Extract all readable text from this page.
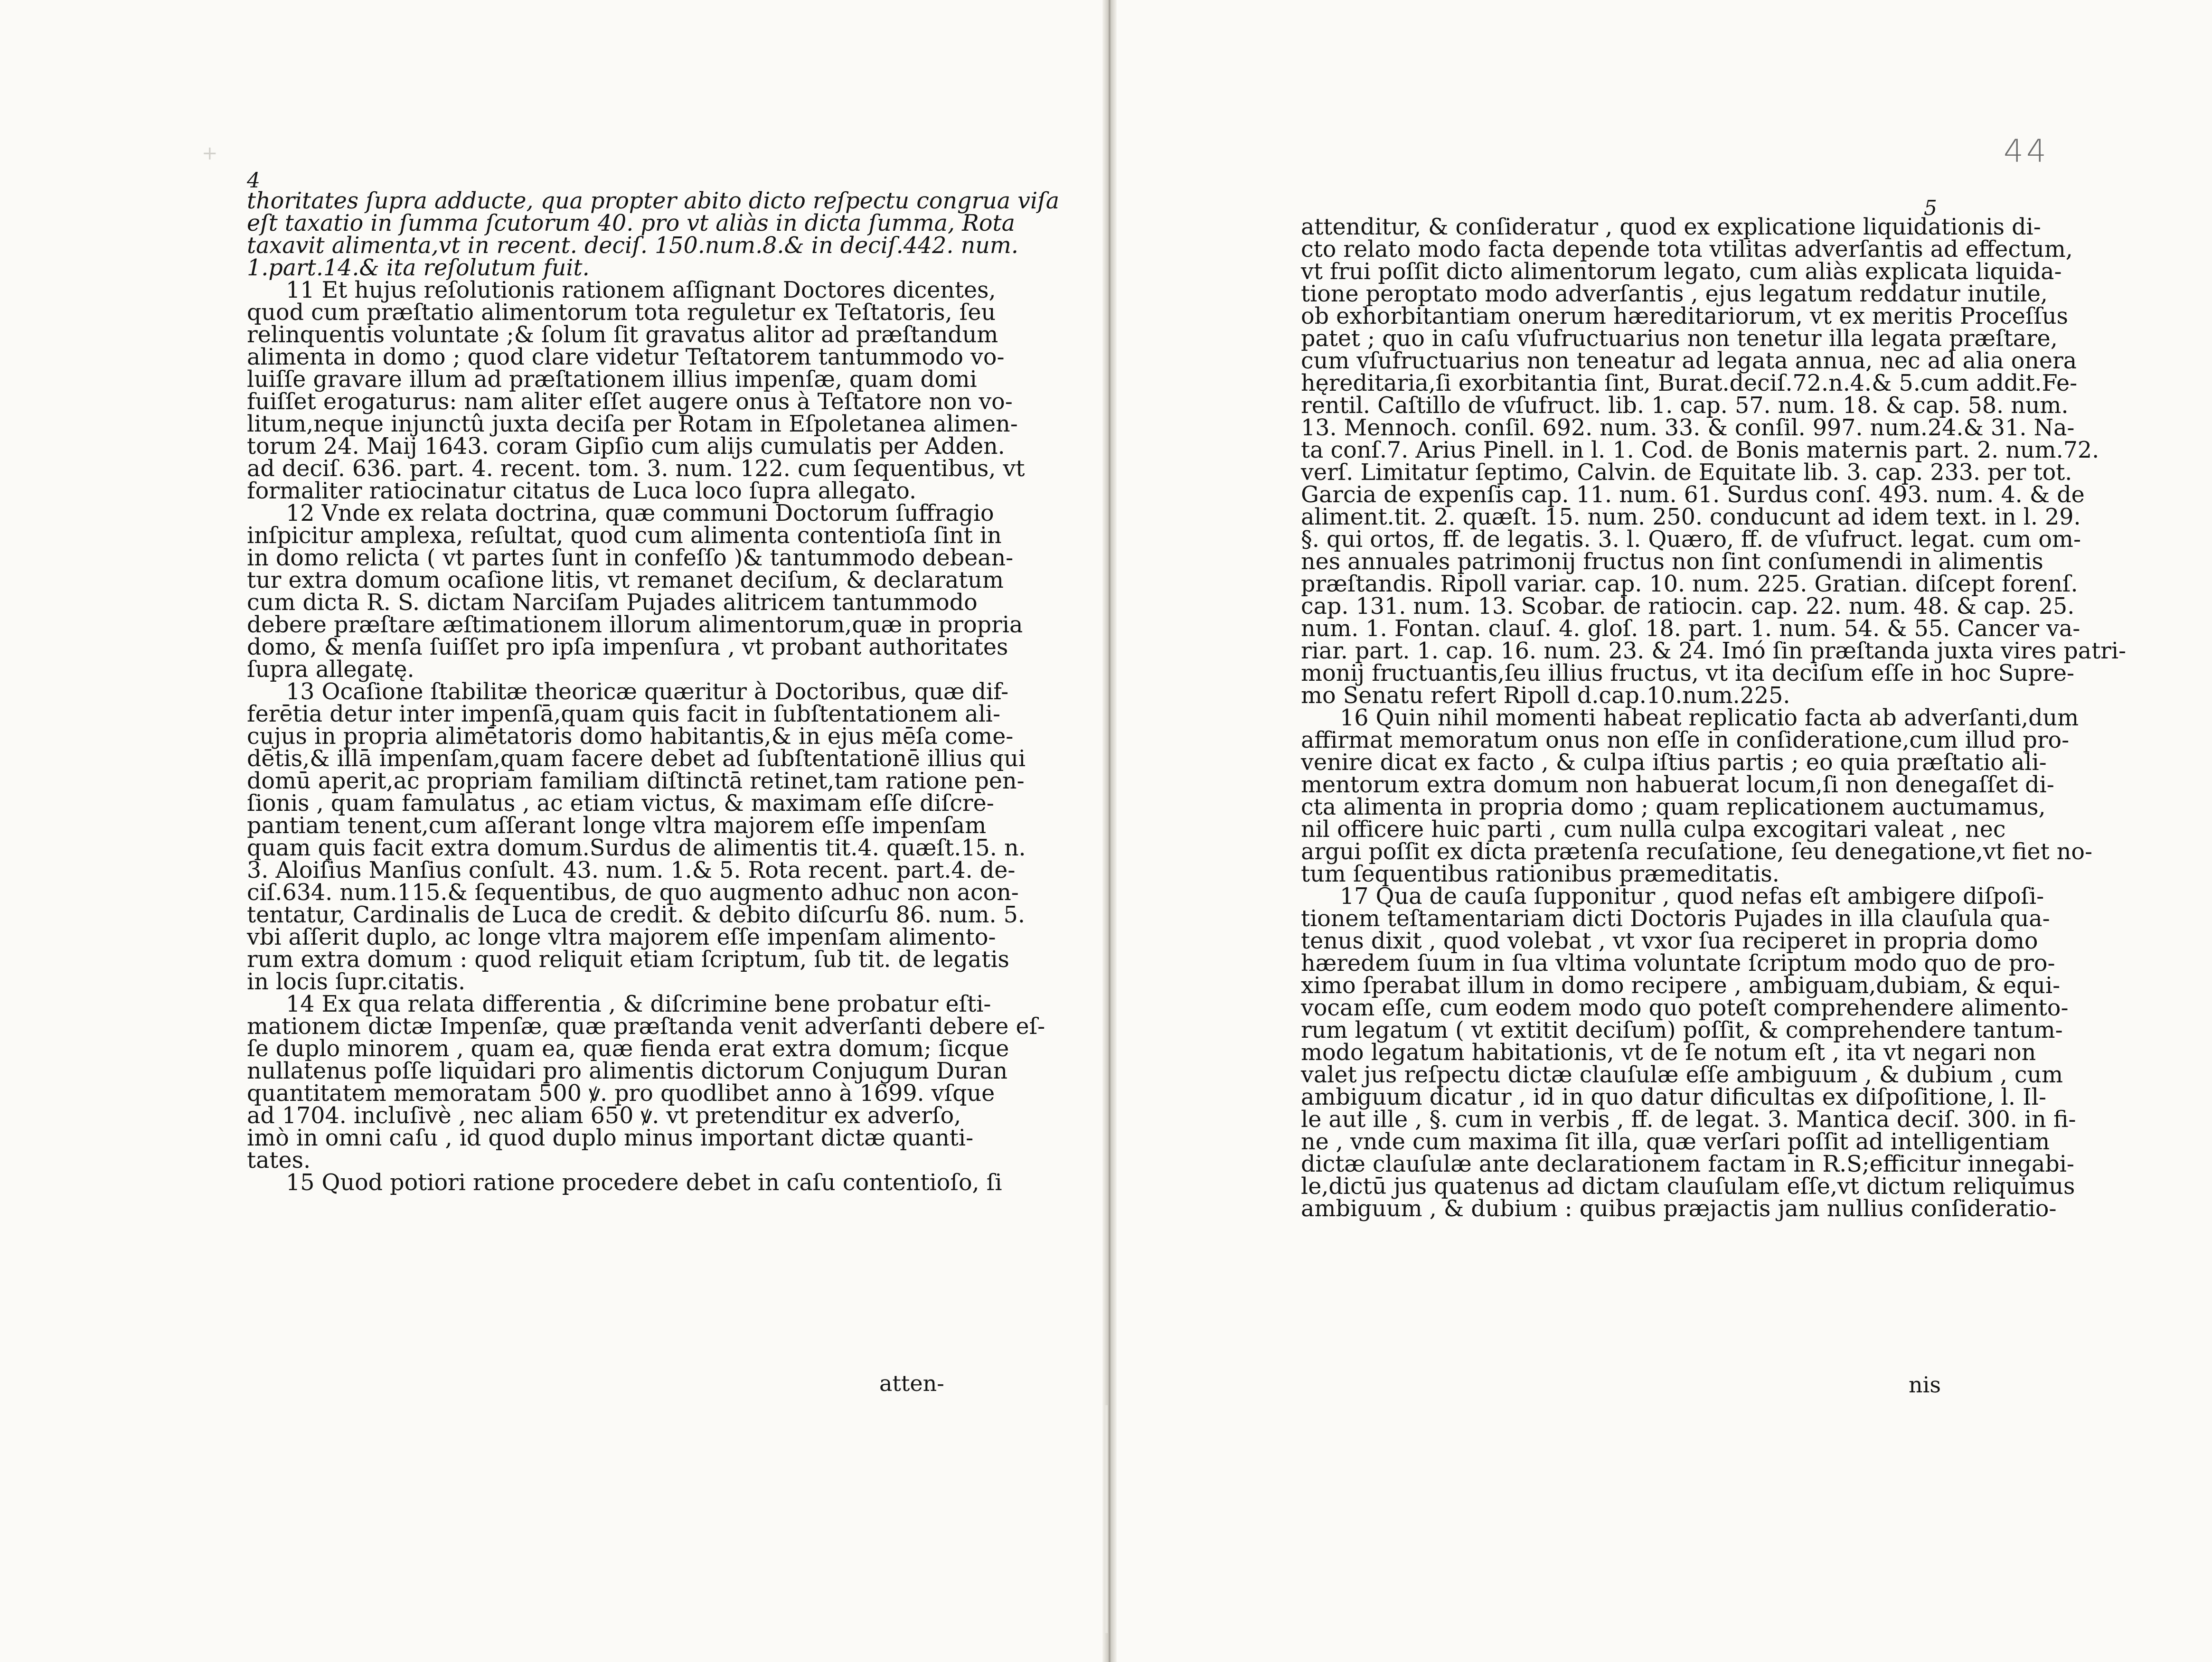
+
4
thoritates ſupra adducte, qua propter abito dicto reſpectu congrua viſa
eſt taxatio in ſumma ſcutorum 40. pro vt aliàs in dicta ſumma, Rota
taxavit alimenta,vt in recent. deciſ. 150.num.8.& in deciſ.442. num.
1.part.14.& ita reſolutum fuit.
11 Et hujus reſolutionis rationem aſſignant Doctores dicentes,
quod cum præſtatio alimentorum tota reguletur ex Teſtatoris, ſeu
relinquentis voluntate ;& ſolum ſit gravatus alitor ad præſtandum
alimenta in domo ; quod clare videtur Teſtatorem tantummodo vo-
luiſſe gravare illum ad præſtationem illius impenſæ, quam domi
fuiſſet erogaturus: nam aliter eſſet augere onus à Teſtatore non vo-
litum,neque injunctû juxta deciſa per Rotam in Eſpoletanea alimen-
torum 24. Maij 1643. coram Gipſio cum alijs cumulatis per Adden.
ad deciſ. 636. part. 4. recent. tom. 3. num. 122. cum ſequentibus, vt
formaliter ratiocinatur citatus de Luca loco ſupra allegato.
12 Vnde ex relata doctrina, quæ communi Doctorum ſuffragio
inſpicitur amplexa, reſultat, quod cum alimenta contentioſa ſint in
in domo relicta ( vt partes ſunt in confeſſo )& tantummodo debean-
tur extra domum ocaſione litis, vt remanet deciſum, & declaratum
cum dicta R. S. dictam Narciſam Pujades alitricem tantummodo
debere præſtare æſtimationem illorum alimentorum,quæ in propria
domo, & menſa ſuiſſet pro ipſa impenſura , vt probant authoritates
ſupra allegatę.
13 Ocaſione ſtabilitæ theoricæ quæritur à Doctoribus, quæ dif-
ferētia detur inter impenſā,quam quis facit in ſubſtentationem ali-
cujus in propria alimētatoris domo habitantis,& in ejus mēſa come-
dētis,& illā impenſam,quam facere debet ad ſubſtentationē illius qui
domū aperit,ac propriam familiam diſtinctā retinet,tam ratione pen-
ſionis , quam famulatus , ac etiam victus, & maximam eſſe diſcre-
pantiam tenent,cum aſſerant longe vltra majorem eſſe impenſam
quam quis facit extra domum.Surdus de alimentis tit.4. quæſt.15. n.
3. Aloiſius Manſius conſult. 43. num. 1.& 5. Rota recent. part.4. de-
ciſ.634. num.115.& ſequentibus, de quo augmento adhuc non acon-
tentatur, Cardinalis de Luca de credit. & debito diſcurſu 86. num. 5.
vbi aſſerit duplo, ac longe vltra majorem eſſe impenſam alimento-
rum extra domum : quod reliquit etiam ſcriptum, ſub tit. de legatis
in locis ſupr.citatis.
14 Ex qua relata differentia , & diſcrimine bene probatur eſti-
mationem dictæ Impenſæ, quæ præſtanda venit adverſanti debere eſ-
ſe duplo minorem , quam ea, quæ fienda erat extra domum; ſicque
nullatenus poſſe liquidari pro alimentis dictorum Conjugum Duran
quantitatem memoratam 500 ꝟ. pro quodlibet anno à 1699. vſque
ad 1704. incluſivè , nec aliam 650 ꝟ. vt pretenditur ex adverſo,
imò in omni caſu , id quod duplo minus important dictæ quanti-
tates.
15 Quod potiori ratione procedere debet in caſu contentioſo, ſi
atten-
44
5
attenditur, & conſideratur , quod ex explicatione liquidationis di-
cto relato modo facta depende tota vtilitas adverſantis ad effectum,
vt frui poſſit dicto alimentorum legato, cum aliàs explicata liquida-
tione peroptato modo adverſantis , ejus legatum reddatur inutile,
ob exhorbitantiam onerum hæreditariorum, vt ex meritis Proceſſus
patet ; quo in caſu vſufructuarius non tenetur illa legata præſtare,
cum vſufructuarius non teneatur ad legata annua, nec ad alia onera
hęreditaria,ſi exorbitantia ſint, Burat.deciſ.72.n.4.& 5.cum addit.Fe-
rentil. Caſtillo de vſufruct. lib. 1. cap. 57. num. 18. & cap. 58. num.
13. Mennoch. conſil. 692. num. 33. & conſil. 997. num.24.& 31. Na-
ta conſ.7. Arius Pinell. in l. 1. Cod. de Bonis maternis part. 2. num.72.
verſ. Limitatur ſeptimo, Calvin. de Equitate lib. 3. cap. 233. per tot.
Garcia de expenſis cap. 11. num. 61. Surdus conſ. 493. num. 4. & de
aliment.tit. 2. quæſt. 15. num. 250. conducunt ad idem text. in l. 29.
§. qui ortos, ff. de legatis. 3. l. Quæro, ff. de vſufruct. legat. cum om-
nes annuales patrimonij fructus non ſint conſumendi in alimentis
præſtandis. Ripoll variar. cap. 10. num. 225. Gratian. diſcept forenſ.
cap. 131. num. 13. Scobar. de ratiocin. cap. 22. num. 48. & cap. 25.
num. 1. Fontan. clauſ. 4. gloſ. 18. part. 1. num. 54. & 55. Cancer va-
riar. part. 1. cap. 16. num. 23. & 24. Imó ſin præſtanda juxta vires patri-
monij fructuantis,ſeu illius fructus, vt ita deciſum eſſe in hoc Supre-
mo Senatu refert Ripoll d.cap.10.num.225.
16 Quin nihil momenti habeat replicatio facta ab adverſanti,dum
affirmat memoratum onus non eſſe in conſideratione,cum illud pro-
venire dicat ex facto , & culpa iſtius partis ; eo quia præſtatio ali-
mentorum extra domum non habuerat locum,ſi non denegaſſet di-
cta alimenta in propria domo ; quam replicationem auctumamus,
nil officere huic parti , cum nulla culpa excogitari valeat , nec
argui poſſit ex dicta prætenſa recuſatione, ſeu denegatione,vt fiet no-
tum ſequentibus rationibus præmeditatis.
17 Qua de cauſa ſupponitur , quod nefas eſt ambigere diſpoſi-
tionem teſtamentariam dicti Doctoris Pujades in illa clauſula qua-
tenus dixit , quod volebat , vt vxor ſua reciperet in propria domo
hæredem ſuum in ſua vltima voluntate ſcriptum modo quo de pro-
ximo ſperabat illum in domo recipere , ambiguam,dubiam, & equi-
vocam eſſe, cum eodem modo quo poteſt comprehendere alimento-
rum legatum ( vt extitit deciſum) poſſit, & comprehendere tantum-
modo legatum habitationis, vt de ſe notum eſt , ita vt negari non
valet jus reſpectu dictæ clauſulæ eſſe ambiguum , & dubium , cum
ambiguum dicatur , id in quo datur dificultas ex diſpoſitione, l. Il-
le aut ille , §. cum in verbis , ff. de legat. 3. Mantica deciſ. 300. in fi-
ne , vnde cum maxima ſit illa, quæ verſari poſſit ad intelligentiam
dictæ clauſulæ ante declarationem factam in R.S;efficitur innegabi-
le,dictū jus quatenus ad dictam clauſulam eſſe,vt dictum reliquimus
ambiguum , & dubium : quibus præjactis jam nullius conſideratio-
nis
